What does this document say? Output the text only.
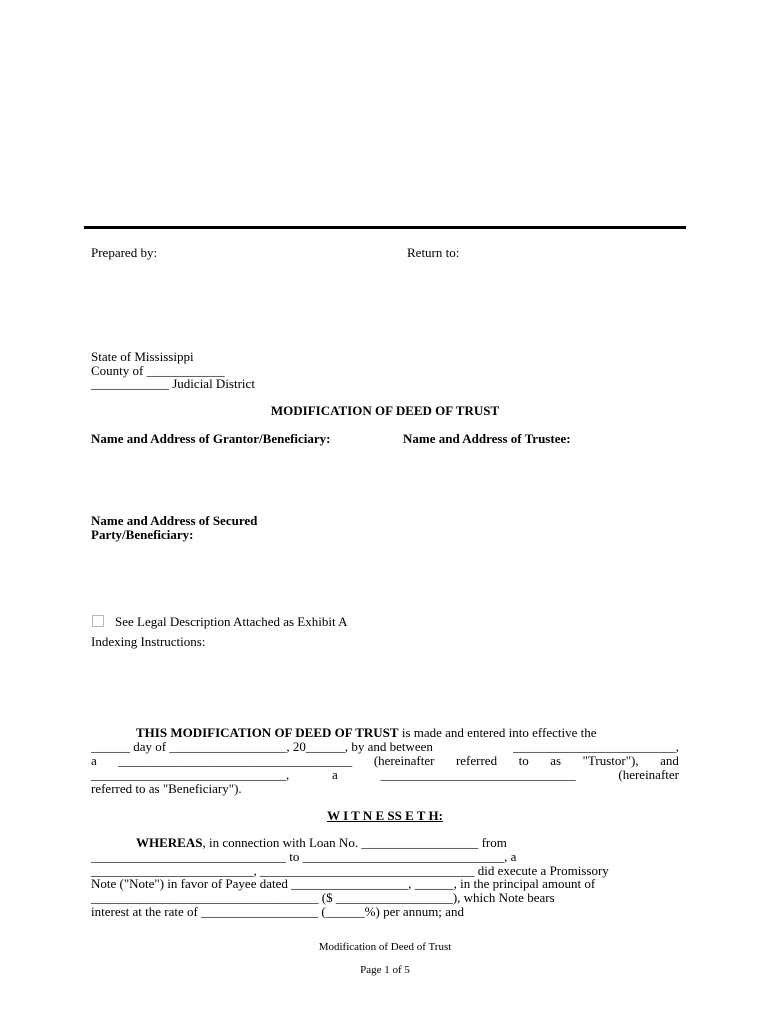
Prepared by:	Return to:
State of Mississippi
County of ____________
____________ Judicial District
MODIFICATION OF DEED OF TRUST
Name and Address of Grantor/Beneficiary:	Name and Address of Trustee:
Name and Address of Secured
Party/Beneficiary:
See Legal Description Attached as Exhibit A
Indexing Instructions:
THIS MODIFICATION OF DEED OF TRUST is made and entered into effective the
______ day of __________________, 20______, by and between	_________________________,
a ____________________________________ (hereinafter referred to as "Trustor"), and
______________________________,	a	______________________________	(hereinafter
referred to as "Beneficiary").
W I T N E SS E T H:
WHEREAS, in connection with Loan No. __________________ from
______________________________ to _______________________________, a
_________________________, _________________________________ did execute a Promissory
Note ("Note") in favor of Payee dated __________________, ______, in the principal amount of
___________________________________ ($ __________________), which Note bears
interest at the rate of __________________ (______%) per annum; and
Modification of Deed of Trust
Page 1 of 5
